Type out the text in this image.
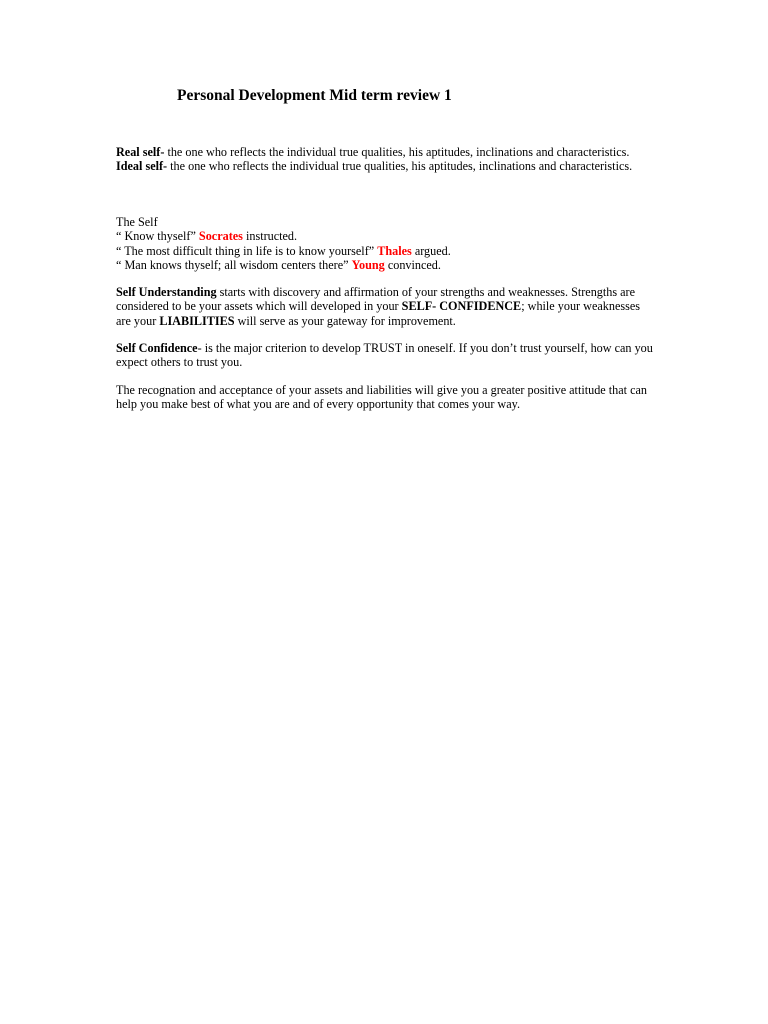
Personal Development Mid term review 1

Real self- the one who reflects the individual true qualities, his aptitudes, inclinations and characteristics.

Ideal self- the one who reflects the individual true qualities, his aptitudes, inclinations and characteristics.

The Self

“ Know thyself” Socrates instructed.

“ The most difficult thing in life is to know yourself” Thales argued.

“ Man knows thyself; all wisdom centers there” Young convinced.

Self Understanding starts with discovery and affirmation of your strengths and weaknesses. Strengths are considered to be your assets which will developed in your SELF- CONFIDENCE; while your weaknesses are your LIABILITIES will serve as your gateway for improvement.

Self Confidence- is the major criterion to develop TRUST in oneself. If you don’t trust yourself, how can you expect others to trust you.

The recognation and acceptance of your assets and liabilities will give you a greater positive attitude that can help you make best of what you are and of every opportunity that comes your way.
